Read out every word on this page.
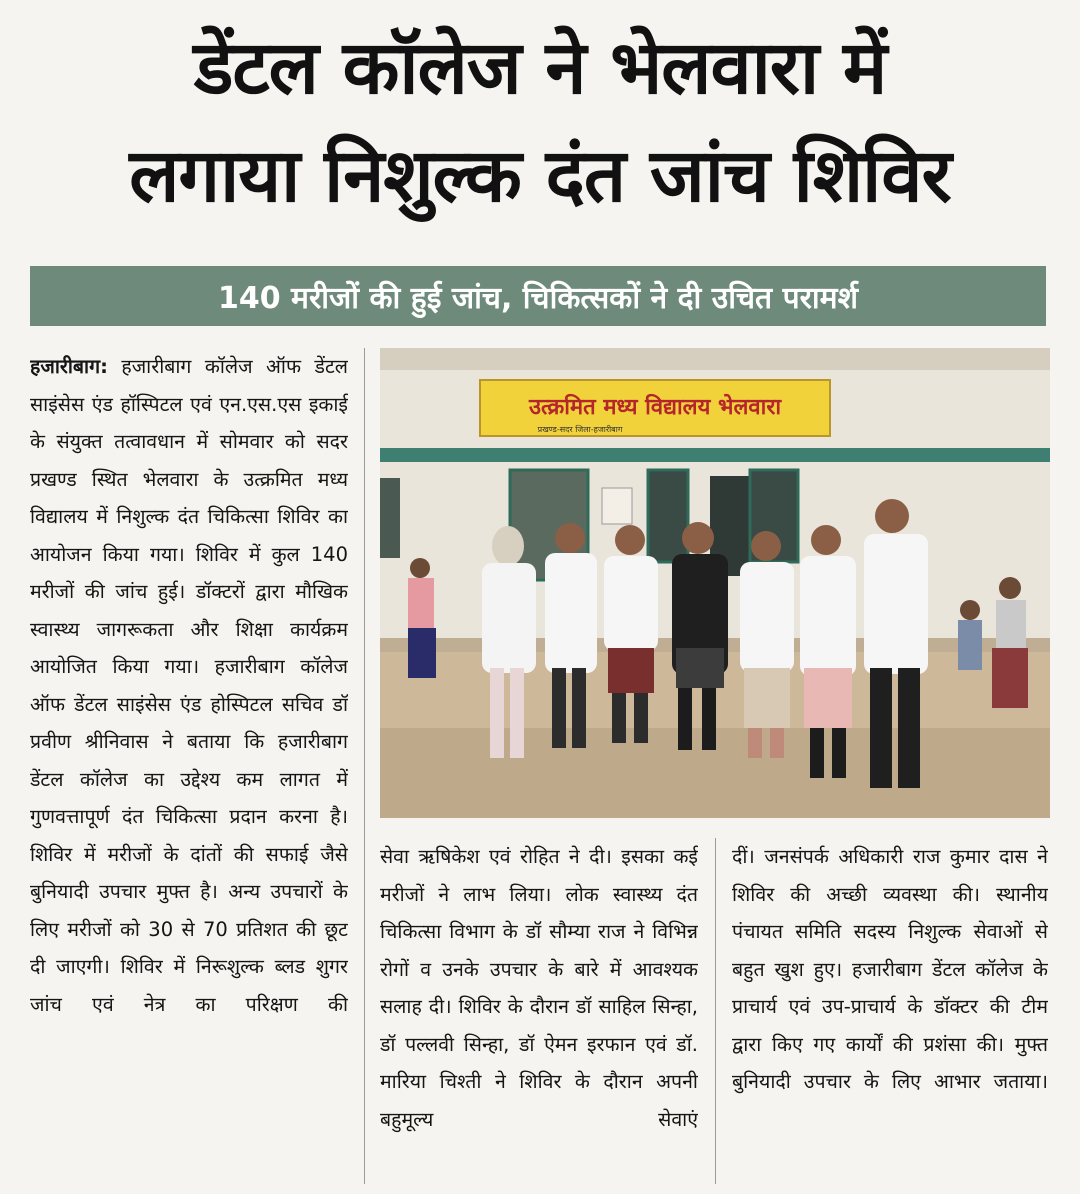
डेंटल कॉलेज ने भेलवारा में
लगाया निशुल्क दंत जांच शिविर
140 मरीजों की हुई जांच, चिकित्सकों ने दी उचित परामर्श

हजारीबाग: हजारीबाग कॉलेज ऑफ डेंटल साइंसेस एंड हॉस्पिटल एवं एन.एस.एस इकाई के संयुक्त तत्वावधान में सोमवार को सदर प्रखण्ड स्थित भेलवारा के उत्क्रमित मध्य विद्यालय में निशुल्क दंत चिकित्सा शिविर का आयोजन किया गया। शिविर में कुल 140 मरीजों की जांच हुई। डॉक्टरों द्वारा मौखिक स्वास्थ्य जागरूकता और शिक्षा कार्यक्रम आयोजित किया गया। हजारीबाग कॉलेज ऑफ डेंटल साइंसेस एंड होस्पिटल सचिव डॉ प्रवीण श्रीनिवास ने बताया कि हजारीबाग डेंटल कॉलेज का उद्देश्य कम लागत में गुणवत्तापूर्ण दंत चिकित्सा प्रदान करना है। शिविर में मरीजों के दांतों की सफाई जैसे बुनियादी उपचार मुफ्त है। अन्य उपचारों के लिए मरीजों को 30 से 70 प्रतिशत की छूट दी जाएगी। शिविर में निरूशुल्क ब्लड शुगर जांच एवं नेत्र का परिक्षण की

उत्क्रमित मध्य विद्यालय भेलवारा
प्रखण्ड-सदर जिला-हजारीबाग

सेवा ऋषिकेश एवं रोहित ने दी। इसका कई मरीजों ने लाभ लिया। लोक स्वास्थ्य दंत चिकित्सा विभाग के डॉ सौम्या राज ने विभिन्न रोगों व उनके उपचार के बारे में आवश्यक सलाह दी। शिविर के दौरान डॉ साहिल सिन्हा, डॉ पल्लवी सिन्हा, डॉ ऐमन इरफान एवं डॉ. मारिया चिश्ती ने शिविर के दौरान अपनी बहुमूल्य सेवाएं

दीं। जनसंपर्क अधिकारी राज कुमार दास ने शिविर की अच्छी व्यवस्था की। स्थानीय पंचायत समिति सदस्य निशुल्क सेवाओं से बहुत खुश हुए। हजारीबाग डेंटल कॉलेज के प्राचार्य एवं उप-प्राचार्य के डॉक्टर की टीम द्वारा किए गए कार्यों की प्रशंसा की। मुफ्त बुनियादी उपचार के लिए आभार जताया।
